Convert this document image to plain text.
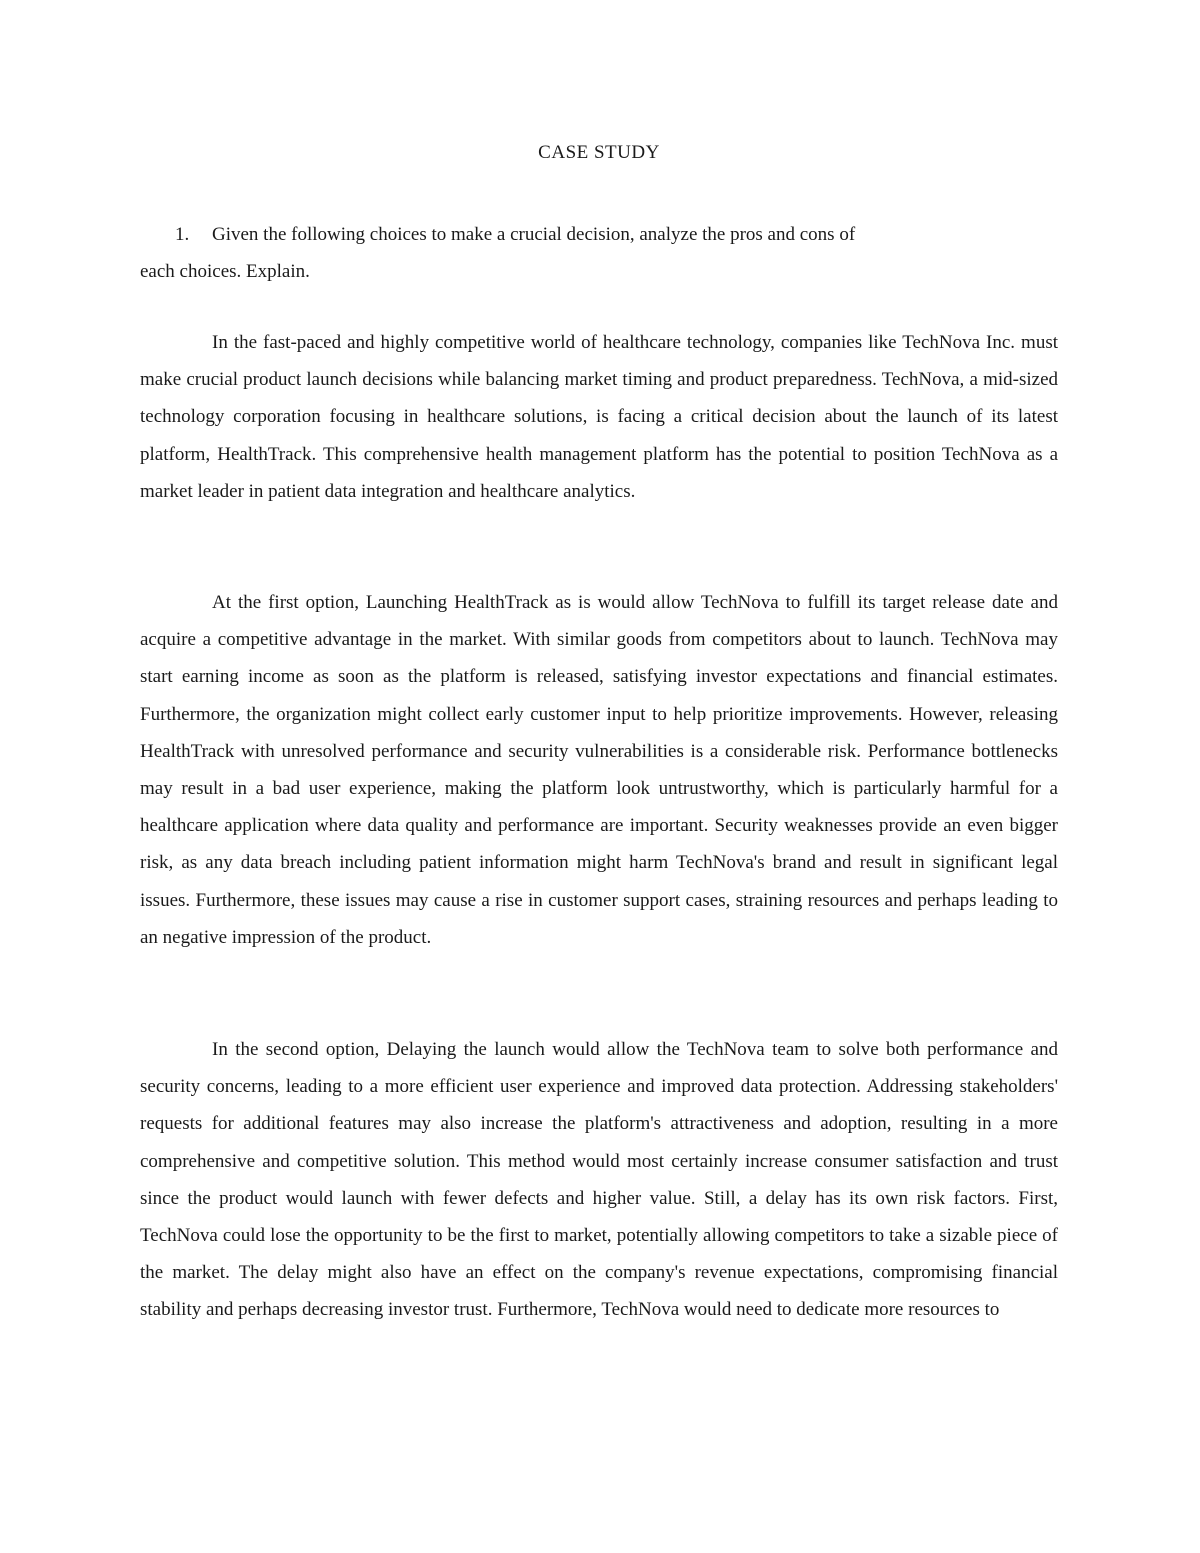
CASE STUDY
1. Given the following choices to make a crucial decision, analyze the pros and cons of
each choices. Explain.

In the fast-paced and highly competitive world of healthcare technology, companies like TechNova Inc. must make crucial product launch decisions while balancing market timing and product preparedness. TechNova, a mid-sized technology corporation focusing in healthcare solutions, is facing a critical decision about the launch of its latest platform, HealthTrack. This comprehensive health management platform has the potential to position TechNova as a market leader in patient data integration and healthcare analytics.

At the first option, Launching HealthTrack as is would allow TechNova to fulfill its target release date and acquire a competitive advantage in the market. With similar goods from competitors about to launch. TechNova may start earning income as soon as the platform is released, satisfying investor expectations and financial estimates. Furthermore, the organization might collect early customer input to help prioritize improvements. However, releasing HealthTrack with unresolved performance and security vulnerabilities is a considerable risk. Performance bottlenecks may result in a bad user experience, making the platform look untrustworthy, which is particularly harmful for a healthcare application where data quality and performance are important. Security weaknesses provide an even bigger risk, as any data breach including patient information might harm TechNova's brand and result in significant legal issues. Furthermore, these issues may cause a rise in customer support cases, straining resources and perhaps leading to an negative impression of the product.

In the second option, Delaying the launch would allow the TechNova team to solve both performance and security concerns, leading to a more efficient user experience and improved data protection. Addressing stakeholders' requests for additional features may also increase the platform's attractiveness and adoption, resulting in a more comprehensive and competitive solution. This method would most certainly increase consumer satisfaction and trust since the product would launch with fewer defects and higher value. Still, a delay has its own risk factors. First, TechNova could lose the opportunity to be the first to market, potentially allowing competitors to take a sizable piece of the market. The delay might also have an effect on the company's revenue expectations, compromising financial stability and perhaps decreasing investor trust. Furthermore, TechNova would need to dedicate more resources to
